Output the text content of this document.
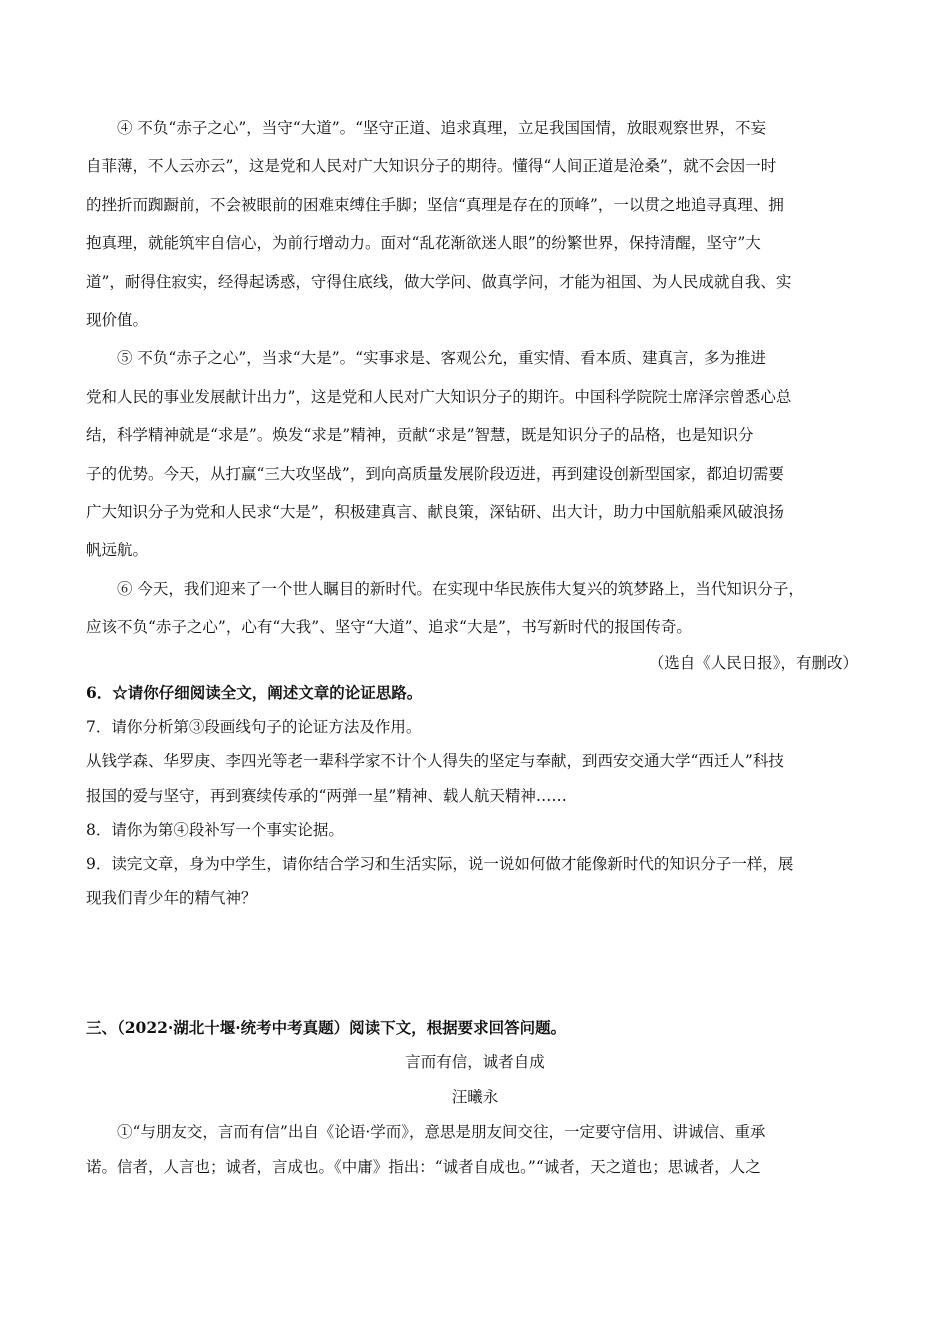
④ 不负“赤子之心”，当守“大道”。“坚守正道、追求真理，立足我国国情，放眼观察世界，不妄
自菲薄，不人云亦云”，这是党和人民对广大知识分子的期待。懂得“人间正道是沧桑”，就不会因一时
的挫折而踟蹰前，不会被眼前的困难束缚住手脚；坚信“真理是存在的顶峰”，一以贯之地追寻真理、拥
抱真理，就能筑牢自信心，为前行增动力。面对“乱花渐欲迷人眼”的纷繁世界，保持清醒，坚守”大
道”，耐得住寂实，经得起诱惑，守得住底线，做大学问、做真学问，才能为祖国、为人民成就自我、实
现价值。
⑤ 不负“赤子之心”，当求“大是”。“实事求是、客观公允，重实情、看本质、建真言，多为推进
党和人民的事业发展献计出力”，这是党和人民对广大知识分子的期许。中国科学院院士席泽宗曾悉心总
结，科学精神就是“求是”。焕发“求是”精神，贡献“求是”智慧，既是知识分子的品格，也是知识分
子的优势。今天，从打赢“三大攻坚战”，到向高质量发展阶段迈进，再到建设创新型国家，都迫切需要
广大知识分子为党和人民求“大是”，积极建真言、献良策，深钻研、出大计，助力中国航船乘风破浪扬
帆远航。
⑥ 今天，我们迎来了一个世人瞩目的新时代。在实现中华民族伟大复兴的筑梦路上，当代知识分子，
应该不负“赤子之心”，心有“大我”、坚守“大道”、追求“大是”，书写新时代的报国传奇。
（选自《人民日报》，有删改）
6．☆请你仔细阅读全文，阐述文章的论证思路。
7．请你分析第③段画线句子的论证方法及作用。
从钱学森、华罗庚、李四光等老一辈科学家不计个人得失的坚定与奉献，到西安交通大学“西迁人”科技
报国的爱与坚守，再到赛续传承的“两弹一星”精神、载人航天精神……
8．请你为第④段补写一个事实论据。
9．读完文章，身为中学生，请你结合学习和生活实际，说一说如何做才能像新时代的知识分子一样，展
现我们青少年的精气神？
三、（2022·湖北十堰·统考中考真题）阅读下文，根据要求回答问题。
言而有信，诚者自成
汪曦永
①“与朋友交，言而有信”出自《论语·学而》，意思是朋友间交往，一定要守信用、讲诚信、重承
诺。信者，人言也；诚者，言成也。《中庸》指出：“诚者自成也。”“诚者，天之道也；思诚者，人之
